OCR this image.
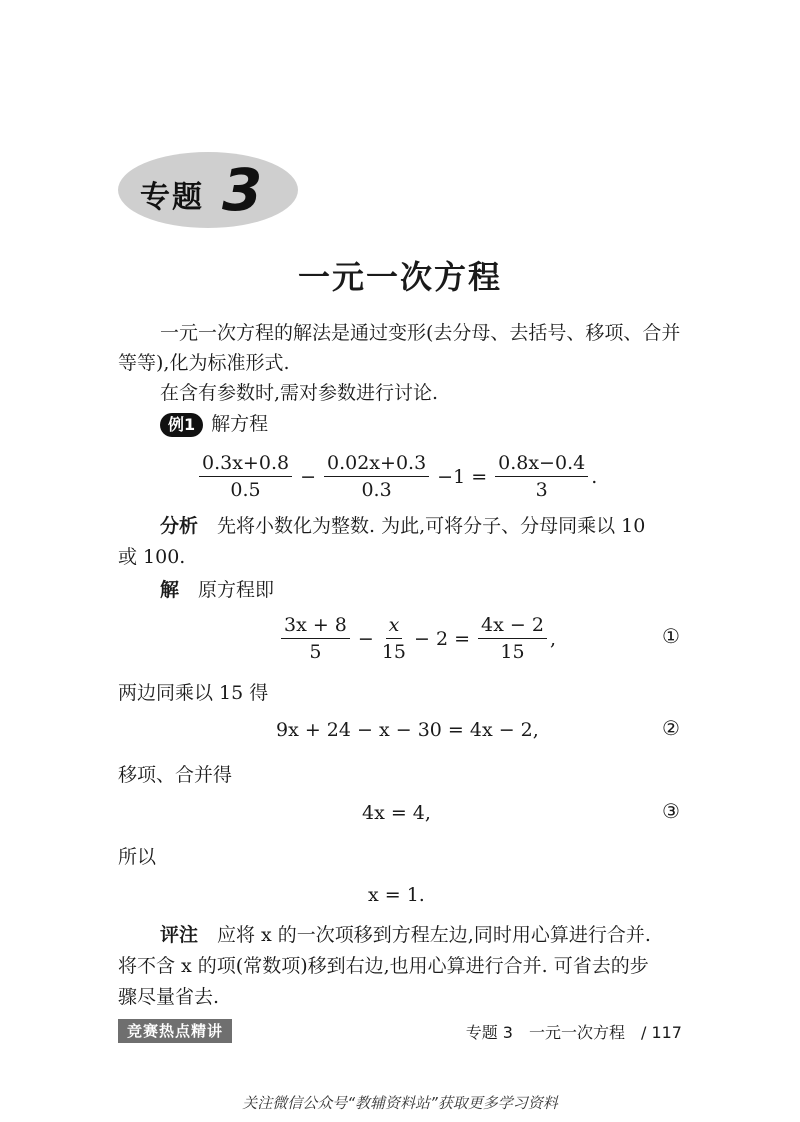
专题 3
一元一次方程
一元一次方程的解法是通过变形(去分母、去括号、移项、合并
等等),化为标准形式.
在含有参数时,需对参数进行讨论.
例1 解方程
$\frac{0.3x+0.8}{0.5} - \frac{0.02x+0.3}{0.3} -1 = \frac{0.8x-0.4}{3}$ .
分析  先将小数化为整数. 为此,可将分子、分母同乘以 10
或 100.
解  原方程即
$\frac{3x + 8}{5} - \frac{x}{15} - 2 = \frac{4x - 2}{15}$ ,	①
两边同乘以 15 得
9x + 24 − x − 30 = 4x − 2,	②
移项、合并得
4x = 4,	③
所以
x = 1.
评注  应将 x 的一次项移到方程左边,同时用心算进行合并.
将不含 x 的项(常数项)移到右边,也用心算进行合并. 可省去的步
骤尽量省去.
竞赛热点精讲	专题 3　一元一次方程　/ 117
关注微信公众号“教辅资料站”获取更多学习资料
